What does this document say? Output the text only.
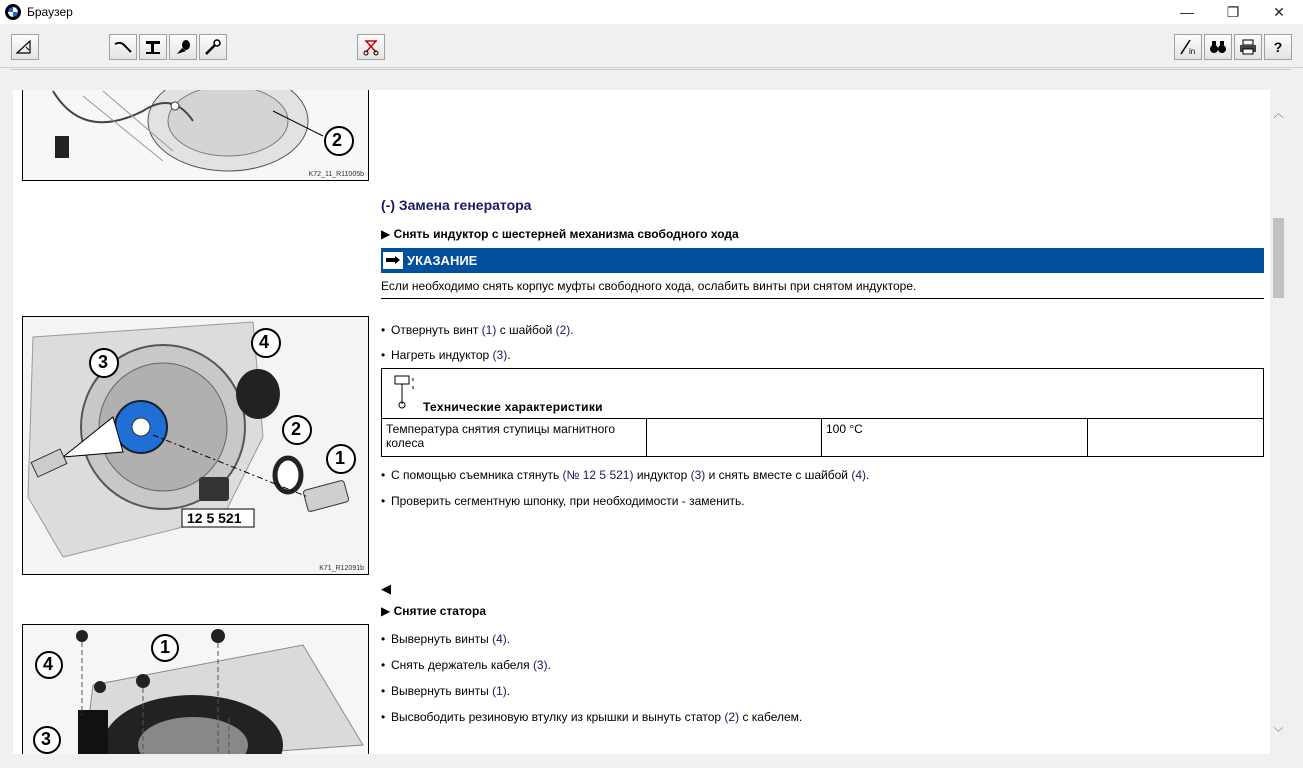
Браузер	—	❐	✕
in	?
2
K72_11_R11005b
(-) Замена генератора
▶ Снять индуктор с шестерней механизма свободного хода
УКАЗАНИЕ
Если необходимо снять корпус муфты свободного хода, ослабить винты при снятом индукторе.
4
3
2
1
12 5 521
K71_R12091b
• Отвернуть винт (1) с шайбой (2).
• Нагреть индуктор (3).
Технические характеристики

Температура снятия ступицы магнитного колеса		100 °C	
• С помощью съемника стянуть (№ 12 5 521) индуктор (3) и снять вместе с шайбой (4).
• Проверить сегментную шпонку, при необходимости - заменить.
◀
▶ Снятие статора
4
1
3
• Вывернуть винты (4).
• Снять держатель кабеля (3).
• Вывернуть винты (1).
• Высвободить резиновую втулку из крышки и вынуть статор (2) с кабелем.
︿
﹀
